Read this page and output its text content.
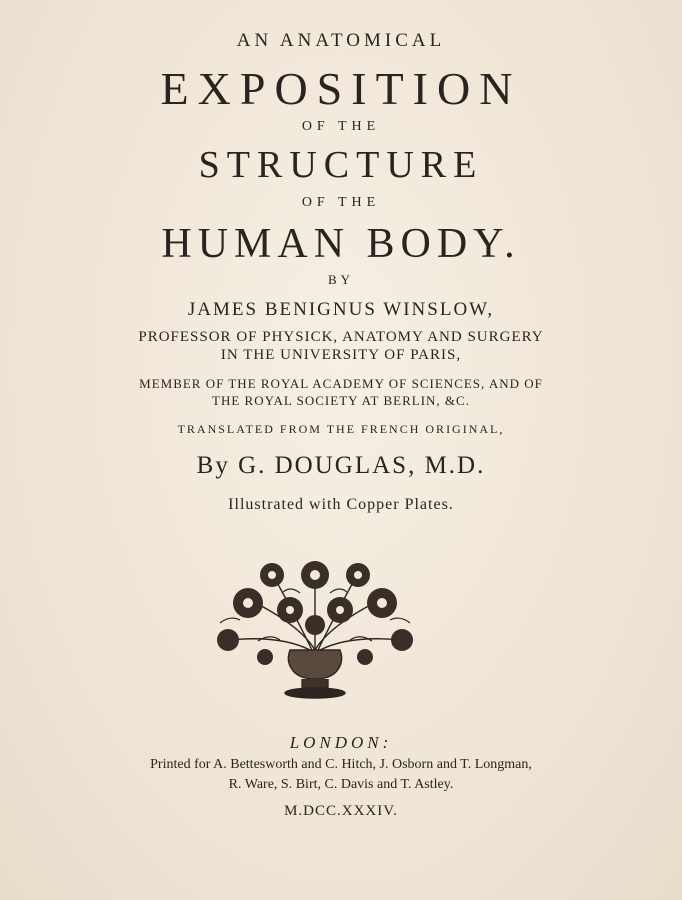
AN ANATOMICAL
EXPOSITION
OF THE
STRUCTURE
OF THE
HUMAN BODY.
BY
JAMES BENIGNUS WINSLOW,
PROFESSOR OF PHYSICK, ANATOMY AND SURGERY
IN THE UNIVERSITY OF PARIS,
MEMBER OF THE ROYAL ACADEMY OF SCIENCES, AND OF
THE ROYAL SOCIETY AT BERLIN, &C.
TRANSLATED FROM THE FRENCH ORIGINAL,
By G. DOUGLAS, M.D.
Illustrated with Copper Plates.
LONDON:
Printed for A. Bettesworth and C. Hitch, J. Osborn and T. Longman,
R. Ware, S. Birt, C. Davis and T. Astley.
M.DCC.XXXIV.
